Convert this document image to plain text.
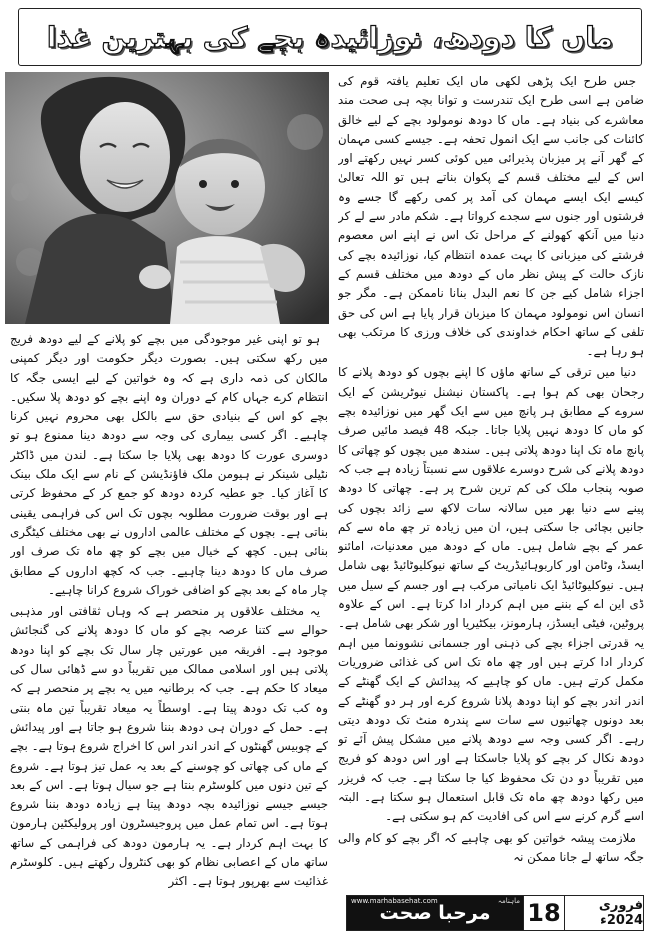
ماں کا دودھ، نوزائیدہ بچے کی بہترین غذا

جس طرح ایک پڑھی لکھی ماں ایک تعلیم یافتہ قوم کی ضامن ہے اسی طرح ایک تندرست و توانا بچہ ہی صحت مند معاشرے کی بنیاد ہے۔ ماں کا دودھ نومولود بچے کے لیے خالق کائنات کی جانب سے ایک انمول تحفہ ہے۔ جیسے کسی مہمان کے گھر آنے پر میزبان پذیرائی میں کوئی کسر نہیں رکھتے اور اس کے لیے مختلف قسم کے پکوان بناتے ہیں تو اللہ تعالیٰ کیسے ایک ایسے مہمان کی آمد پر کمی رکھے گا جسے وہ فرشتوں اور جنوں سے سجدے کرواتا ہے۔ شکم مادر سے لے کر دنیا میں آنکھ کھولنے کے مراحل تک اس نے اپنے اس معصوم فرشتے کی میزبانی کا بہت عمدہ انتظام کیا، نوزائیدہ بچے کی نازک حالت کے پیش نظر ماں کے دودھ میں مختلف قسم کے اجزاء شامل کیے جن کا نعم البدل بنانا ناممکن ہے۔ مگر جو انسان اس نومولود مہمان کا میزبان قرار پایا ہے اس کی حق تلفی کے ساتھ احکام خداوندی کی خلاف ورزی کا مرتکب بھی ہو رہا ہے۔

دنیا میں ترقی کے ساتھ ماؤں کا اپنے بچوں کو دودھ پلانے کا رجحان بھی کم ہوا ہے۔ پاکستان نیشنل نیوٹریشن کے ایک سروے کے مطابق ہر پانچ میں سے ایک گھر میں نوزائیدہ بچے کو ماں کا دودھ نہیں پلایا جاتا۔ جبکہ 48 فیصد مائیں صرف پانچ ماہ تک اپنا دودھ پلاتی ہیں۔ سندھ میں بچوں کو چھاتی کا دودھ پلانے کی شرح دوسرے علاقوں سے نسبتاً زیادہ ہے جب کہ صوبہ پنجاب ملک کی کم ترین شرح پر ہے۔ چھاتی کا دودھ پینے سے دنیا بھر میں سالانہ سات لاکھ سے زائد بچوں کی جانیں بچائی جا سکتی ہیں، ان میں زیادہ تر چھ ماہ سے کم عمر کے بچے شامل ہیں۔ ماں کے دودھ میں معدنیات، امائنو ایسڈ، وٹامن اور کاربوہائیڈریٹ کے ساتھ نیوکلیوٹائیڈ بھی شامل ہیں۔ نیوکلیوٹائیڈ ایک نامیاتی مرکب ہے اور جسم کے سیل میں ڈی این اے کے بننے میں اہم کردار ادا کرتا ہے۔ اس کے علاوہ پروٹین، فیٹی ایسڈز، ہارمونز، بیکٹیریا اور شکر بھی شامل ہے۔ یہ قدرتی اجزاء بچے کی ذہنی اور جسمانی نشوونما میں اہم کردار ادا کرتے ہیں اور چھ ماہ تک اس کی غذائی ضروریات مکمل کرتے ہیں۔ ماں کو چاہیے کہ پیدائش کے ایک گھنٹے کے اندر اندر بچے کو اپنا دودھ پلانا شروع کرے اور ہر دو گھنٹے کے بعد دونوں چھاتیوں سے سات سے پندرہ منٹ تک دودھ دیتی رہے۔ اگر کسی وجہ سے دودھ پلانے میں مشکل پیش آئے تو دودھ نکال کر بچے کو پلایا جاسکتا ہے اور اس دودھ کو فریج میں تقریباً دو دن تک محفوظ کیا جا سکتا ہے۔ جب کہ فریزر میں رکھا دودھ چھ ماہ تک قابل استعمال ہو سکتا ہے۔ البتہ اسے گرم کرنے سے اس کی افادیت کم ہو سکتی ہے۔

ملازمت پیشہ خواتین کو بھی چاہیے کہ اگر بچے کو کام والی جگہ ساتھ لے جانا ممکن نہ

ہو تو اپنی غیر موجودگی میں بچے کو پلانے کے لیے دودھ فریج میں رکھ سکتی ہیں۔ بصورت دیگر حکومت اور دیگر کمپنی مالکان کی ذمہ داری ہے کہ وہ خواتین کے لیے ایسی جگہ کا انتظام کرے جہاں کام کے دوران وہ اپنے بچے کو دودھ پلا سکیں۔ بچے کو اس کے بنیادی حق سے بالکل بھی محروم نہیں کرنا چاہیے۔ اگر کسی بیماری کی وجہ سے دودھ دینا ممنوع ہو تو دوسری عورت کا دودھ بھی پلایا جا سکتا ہے۔ لندن میں ڈاکٹر نٹیلی شینکر نے ہیومن ملک فاؤنڈیشن کے نام سے ایک ملک بینک کا آغاز کیا۔ جو عطیہ کردہ دودھ کو جمع کر کے محفوظ کرتی ہے اور بوقت ضرورت مطلوبہ بچوں تک اس کی فراہمی یقینی بناتی ہے۔ بچوں کے مختلف عالمی اداروں نے بھی مختلف کیٹگری بنائی ہیں۔ کچھ کے خیال میں بچے کو چھ ماہ تک صرف اور صرف ماں کا دودھ دینا چاہیے۔ جب کہ کچھ اداروں کے مطابق چار ماہ کے بعد بچے کو اضافی خوراک شروع کرانا چاہیے۔

یہ مختلف علاقوں پر منحصر ہے کہ وہاں ثقافتی اور مذہبی حوالے سے کتنا عرصہ بچے کو ماں کا دودھ پلانے کی گنجائش موجود ہے۔ افریقہ میں عورتیں چار سال تک بچے کو اپنا دودھ پلاتی ہیں اور اسلامی ممالک میں تقریباً دو سے ڈھائی سال کی میعاد کا حکم ہے۔ جب کہ برطانیہ میں یہ بچے پر منحصر ہے کہ وہ کب تک دودھ پیتا ہے۔ اوسطاً یہ میعاد تقریباً تین ماہ بنتی ہے۔ حمل کے دوران ہی دودھ بننا شروع ہو جاتا ہے اور پیدائش کے چوبیس گھنٹوں کے اندر اندر اس کا اخراج شروع ہوتا ہے۔ بچے کے ماں کی چھاتی کو چوسنے کے بعد یہ عمل تیز ہوتا ہے۔ شروع کے تین دنوں میں کلوسٹرم بنتا ہے جو سیال ہوتا ہے۔ اس کے بعد جیسے جیسے نوزائیدہ بچہ دودھ پیتا ہے زیادہ دودھ بننا شروع ہوتا ہے۔ اس تمام عمل میں پروجیسٹرون اور پرولیکٹین ہارمون کا بہت اہم کردار ہے۔ یہ ہارمون دودھ کی فراہمی کے ساتھ ساتھ ماں کے اعصابی نظام کو بھی کنٹرول رکھتے ہیں۔ کلوسٹرم غذائیت سے بھرپور ہوتا ہے۔ اکثر

www.marhabasehat.com	ماہنامہ
مرحبا صحت 18	فروری 2024ء
